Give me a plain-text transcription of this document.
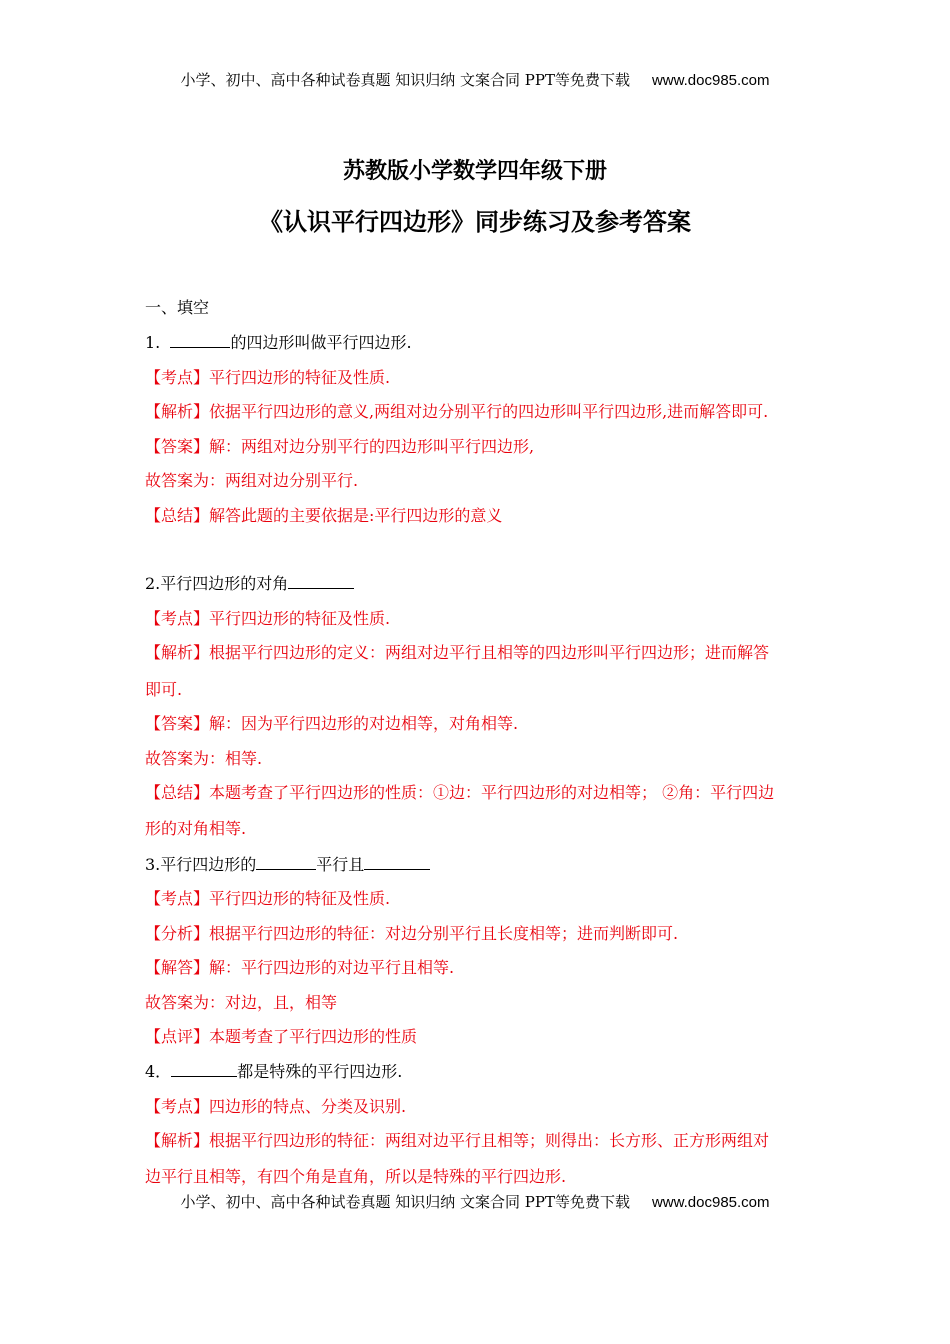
小学、初中、高中各种试卷真题 知识归纳 文案合同 PPT等免费下载 www.doc985.com
苏教版小学数学四年级下册
《认识平行四边形》同步练习及参考答案
一、填空
1.	的四边形叫做平行四边形.
【考点】平行四边形的特征及性质.
【解析】依据平行四边形的意义,两组对边分别平行的四边形叫平行四边形,进而解答即可.
【答案】解：两组对边分别平行的四边形叫平行四边形,
故答案为：两组对边分别平行.
【总结】解答此题的主要依据是:平行四边形的意义
2.平行四边形的对角
【考点】平行四边形的特征及性质.
【解析】根据平行四边形的定义：两组对边平行且相等的四边形叫平行四边形；进而解答
即可.
【答案】解：因为平行四边形的对边相等，对角相等.
故答案为：相等.
【总结】本题考查了平行四边形的性质：①边：平行四边形的对边相等； ②角：平行四边
形的对角相等.
3.平行四边形的	平行且
【考点】平行四边形的特征及性质.
【分析】根据平行四边形的特征：对边分别平行且长度相等；进而判断即可.
【解答】解：平行四边形的对边平行且相等.
故答案为：对边，且，相等
【点评】本题考查了平行四边形的性质
4．	都是特殊的平行四边形.
【考点】四边形的特点、分类及识别.
【解析】根据平行四边形的特征：两组对边平行且相等；则得出：长方形、正方形两组对
边平行且相等，有四个角是直角，所以是特殊的平行四边形.
小学、初中、高中各种试卷真题 知识归纳 文案合同 PPT等免费下载 www.doc985.com
